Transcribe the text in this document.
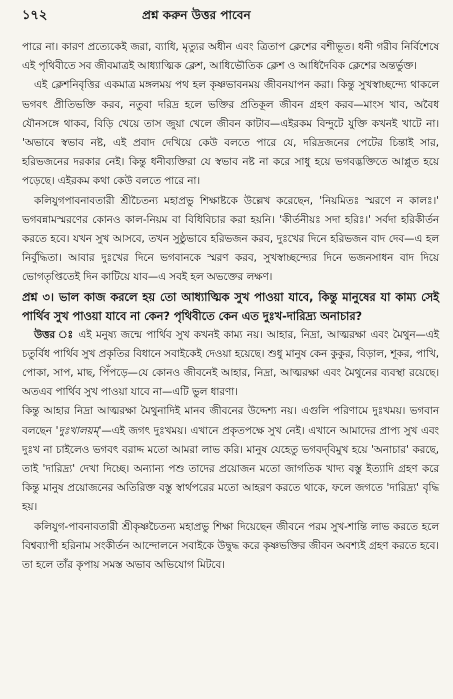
১৭২	প্রশ্ন করুন উত্তর পাবেন

পারে না। কারণ প্রত্যেকেই জরা, ব্যাধি, মৃত্যুর অধীন এবং ত্রিতাপ ক্লেশের বশীভূত। ধনী গরীব নির্বিশেষে এই পৃথিবীতে সব জীবমাত্রই আধ্যাত্মিক ক্লেশ, আধিভৌতিক ক্লেশ ও আধিদৈবিক ক্লেশের অন্তর্ভুক্ত।

এই ক্লেশনিবৃত্তির একমাত্র মঙ্গলময় পথ হল কৃষ্ণভাবনময় জীবনযাপন করা। কিন্তু সুখস্বাচ্ছন্দ্যে থাকলে ভগবৎ প্রীতিভক্তি করব, নতুবা দরিদ্র হলে ভক্তির প্রতিকূল জীবন গ্রহণ করব—মাংস খাব, অবৈধ যৌনসঙ্গে থাকব, বিড়ি খেয়ে তাস জুয়া খেলে জীবন কাটাব—এইরকম বিন্দুটে যুক্তি কখনই খাটে না। 'অভাবে স্বভাব নষ্ট, এই প্রবাদ দেখিয়ে কেউ বলতে পারে যে, দরিদ্রজনের পেটের চিন্তাই সার, হরিভজনের দরকার নেই। কিন্তু ধনীব্যক্তিরা যে স্বভাব নষ্ট না করে সাধু হয়ে ভগবদ্ভক্তিতে আপ্লুত হয়ে পড়েছে। এইরকম কথা কেউ বলতে পারে না।

কলিযুগপাবনাবতারী শ্রীচৈতন্য মহাপ্রভু শিক্ষাষ্টকে উল্লেখ করেছেন, 'নিয়মিতঃ স্মরণে ন কালঃ।' ভগবন্নামস্মরণের কোনও কাল-নিয়ম বা বিধিবিচার করা হয়নি। 'কীর্তনীয়ঃ সদা হরিঃ।' সর্বদা হরিকীর্তন করতে হবে। যখন সুখ আসবে, তখন সুষ্ঠুভাবে হরিভজন করব, দুঃখের দিনে হরিভজন বাদ দেব—এ হল নির্বুদ্ধিতা। আবার দুঃখের দিনে ভগবানকে স্মরণ করব, সুখস্বাচ্ছন্দ্যের দিনে ভজনসাধন বাদ দিয়ে ভোগতৃপ্তিতেই দিন কাটিয়ে যাব—এ সবই হল অভক্তের লক্ষণ।

প্রশ্ন ৩। ভাল কাজ করলে হয় তো আধ্যাত্মিক সুখ পাওয়া যাবে, কিন্তু মানুষের যা কাম্য সেই পার্থিব সুখ পাওয়া যাবে না কেন? পৃথিবীতে কেন এত দুঃখ-দারিদ্র্য অনাচার?

উত্তর ঃ এই মনুষ্য জন্মে পার্থিব সুখ কখনই কাম্য নয়। আহার, নিদ্রা, আত্মরক্ষা এবং মৈথুন—এই চতুর্বিধ পার্থিব সুখ প্রকৃতির বিধানে সবাইকেই দেওয়া হয়েছে। শুধু মানুষ কেন কুকুর, বিড়াল, শূকর, পাখি, পোকা, সাপ, মাছ, পিঁপড়ে—যে কোনও জীবনেই আহার, নিদ্রা, আত্মরক্ষা এবং মৈথুনের ব্যবস্থা রয়েছে। অতএব পার্থিব সুখ পাওয়া যাবে না—এটি ভুল ধারণা।

কিন্তু আহার নিদ্রা আত্মরক্ষা মৈথুনাদিই মানব জীবনের উদ্দেশ্য নয়। এগুলি পরিণামে দুঃখময়। ভগবান বলছেন 'দুঃখালয়ম্'—এই জগৎ দুঃখময়। এখানে প্রকৃতপক্ষে সুখ নেই। এখানে আমাদের প্রাপ্য সুখ এবং দুঃখ না চাইলেও ভগবৎ বরাদ্দ মতো আমরা লাভ করি। মানুষ যেহেতু ভগবদ্‌বিমুখ হয়ে 'অনাচার' করছে, তাই 'দারিদ্র্য' দেখা দিচ্ছে। অন্যান্য পশু তাদের প্রয়োজন মতো জাগতিক খাদ্য বস্তু ইত্যাদি গ্রহণ করে কিন্তু মানুষ প্রয়োজনের অতিরিক্ত বস্তু স্বার্থপরের মতো আহরণ করতে থাকে, ফলে জগতে 'দারিদ্র্য' বৃদ্ধি হয়।

কলিযুগ-পাবনাবতারী শ্রীকৃষ্ণচৈতন্য মহাপ্রভু শিক্ষা দিয়েছেন জীবনে পরম সুখ-শান্তি লাভ করতে হলে বিশ্বব্যাপী হরিনাম সংকীর্তন আন্দোলনে সবাইকে উদ্বুদ্ধ করে কৃষ্ণভক্তির জীবন অবশ্যই গ্রহণ করতে হবে। তা হলে তাঁর কৃপায় সমস্ত অভাব অভিযোগ মিটবে।
